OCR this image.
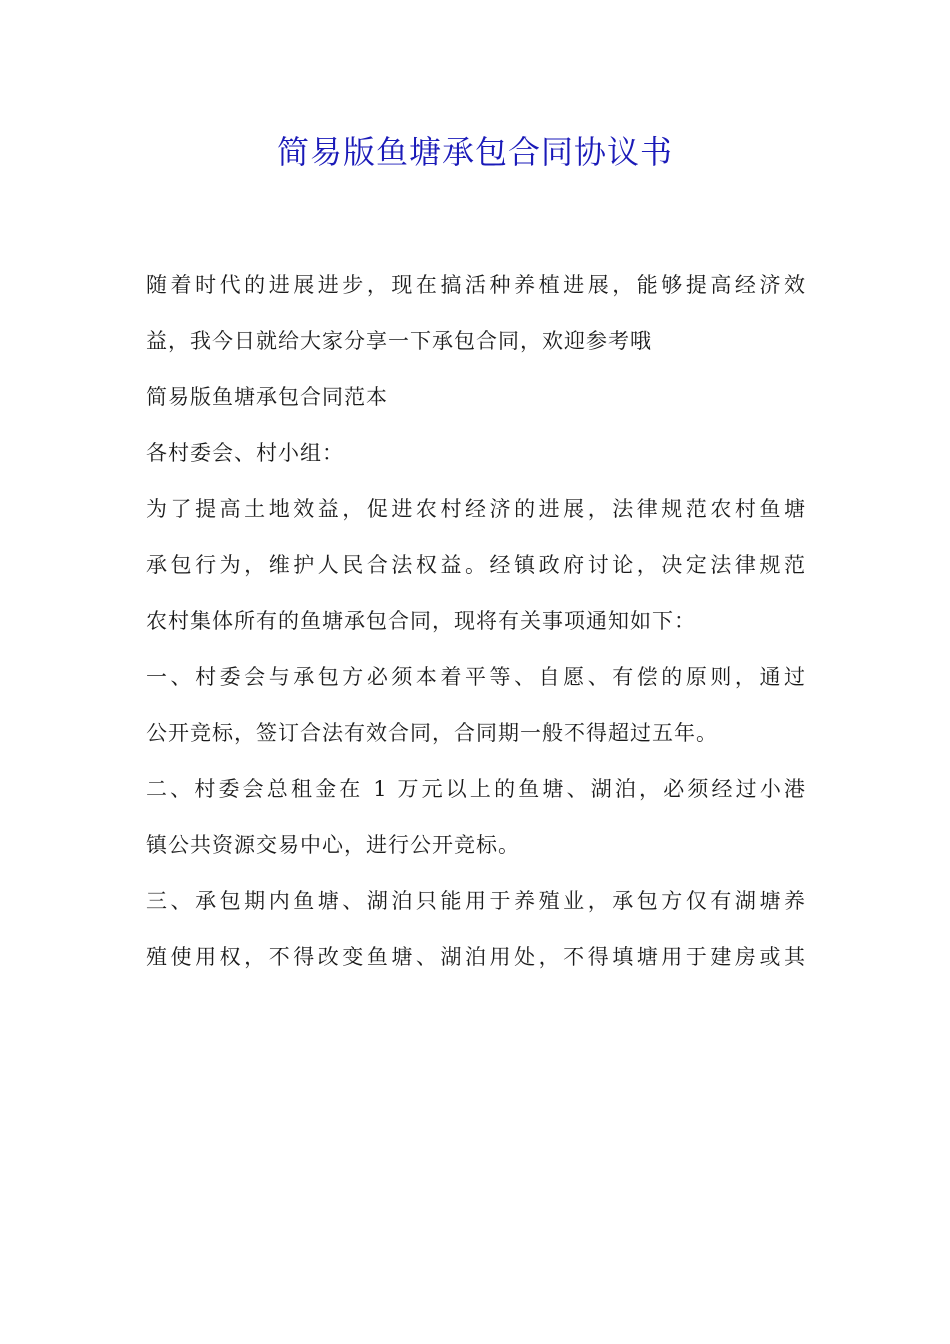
简易版鱼塘承包合同协议书
随着时代的进展进步，现在搞活种养植进展，能够提高经济效
益，我今日就给大家分享一下承包合同，欢迎参考哦
简易版鱼塘承包合同范本
各村委会、村小组：
为了提高土地效益，促进农村经济的进展，法律规范农村鱼塘
承包行为，维护人民合法权益。经镇政府讨论，决定法律规范
农村集体所有的鱼塘承包合同，现将有关事项通知如下：
一、村委会与承包方必须本着平等、自愿、有偿的原则，通过
公开竞标，签订合法有效合同，合同期一般不得超过五年。
二、村委会总租金在 1 万元以上的鱼塘、湖泊，必须经过小港
镇公共资源交易中心，进行公开竞标。
三、承包期内鱼塘、湖泊只能用于养殖业，承包方仅有湖塘养
殖使用权，不得改变鱼塘、湖泊用处，不得填塘用于建房或其
